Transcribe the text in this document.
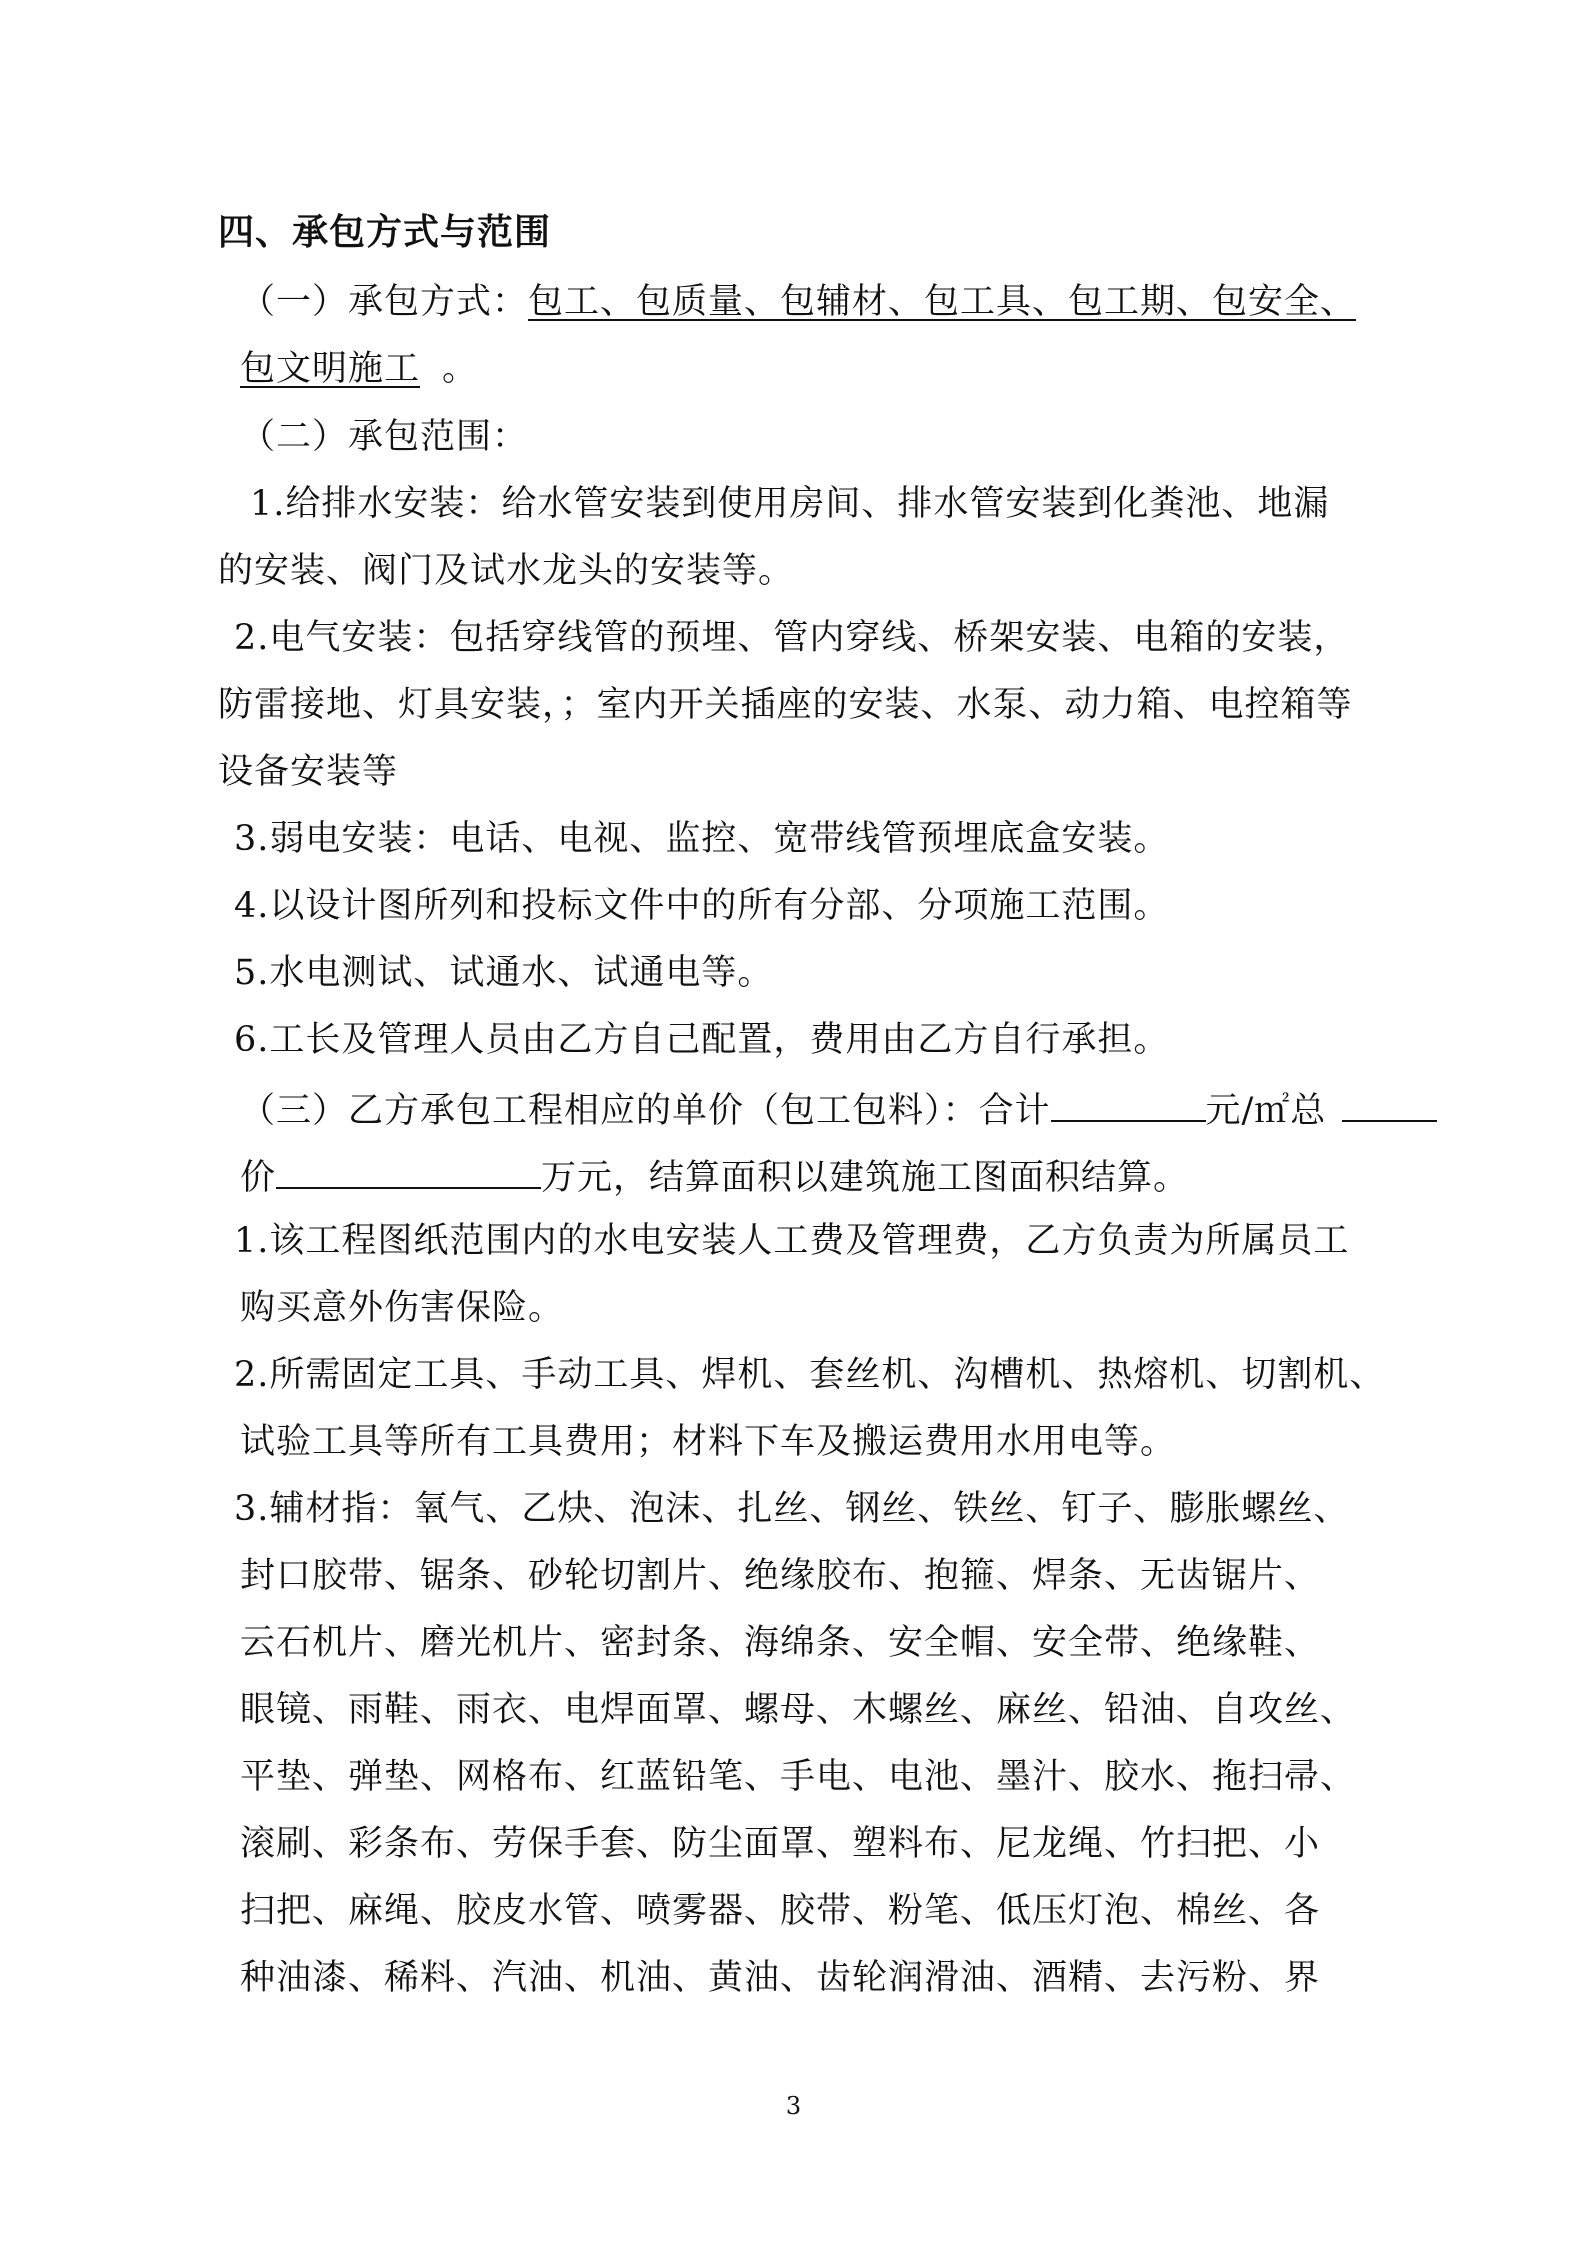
四、承包方式与范围
（一）承包方式：包工、包质量、包辅材、包工具、包工期、包安全、
包文明施工 。
（二）承包范围：
1.给排水安装：给水管安装到使用房间、排水管安装到化粪池、地漏
的安装、阀门及试水龙头的安装等。
2.电气安装：包括穿线管的预埋、管内穿线、桥架安装、电箱的安装，
防雷接地、灯具安装，；室内开关插座的安装、水泵、动力箱、电控箱等
设备安装等
3.弱电安装：电话、电视、监控、宽带线管预埋底盒安装。
4.以设计图所列和投标文件中的所有分部、分项施工范围。
5.水电测试、试通水、试通电等。
6.工长及管理人员由乙方自己配置，费用由乙方自行承担。
（三）乙方承包工程相应的单价（包工包料）：合计	元/㎡总
价	万元，结算面积以建筑施工图面积结算。
1.该工程图纸范围内的水电安装人工费及管理费，乙方负责为所属员工
购买意外伤害保险。
2.所需固定工具、手动工具、焊机、套丝机、沟槽机、热熔机、切割机、
试验工具等所有工具费用；材料下车及搬运费用水用电等。
3.辅材指：氧气、乙炔、泡沫、扎丝、钢丝、铁丝、钉子、膨胀螺丝、
封口胶带、锯条、砂轮切割片、绝缘胶布、抱箍、焊条、无齿锯片、
云石机片、磨光机片、密封条、海绵条、安全帽、安全带、绝缘鞋、
眼镜、雨鞋、雨衣、电焊面罩、螺母、木螺丝、麻丝、铅油、自攻丝、
平垫、弹垫、网格布、红蓝铅笔、手电、电池、墨汁、胶水、拖扫帚、
滚刷、彩条布、劳保手套、防尘面罩、塑料布、尼龙绳、竹扫把、小
扫把、麻绳、胶皮水管、喷雾器、胶带、粉笔、低压灯泡、棉丝、各
种油漆、稀料、汽油、机油、黄油、齿轮润滑油、酒精、去污粉、界
3
